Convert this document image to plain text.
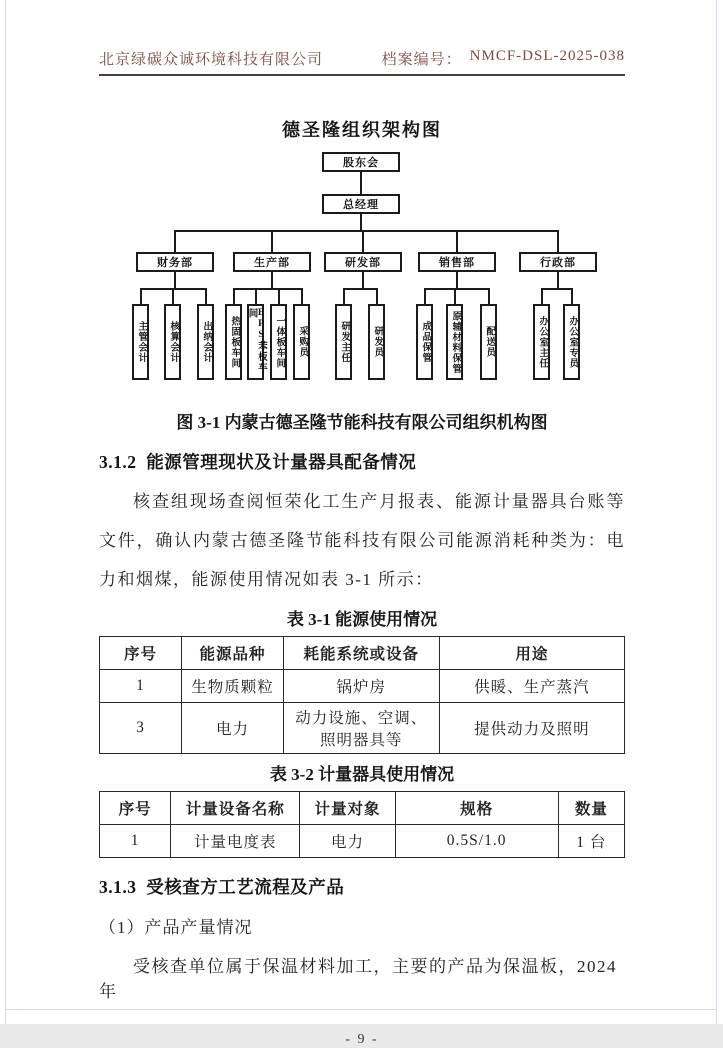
北京绿碳众诚环境科技有限公司	档案编号： NMCF-DSL-2025-038
德圣隆组织架构图
股东会
总经理
财务部
主管会计	核算会计	出纳会计
生产部
热固板车间	EPS苯板车间
一体板车间	采购员
研发部
研发主任	研发员
销售部
成品保管	原辅材料保管	配送员
行政部
办公室主任	办公室专员
图 3-1 内蒙古德圣隆节能科技有限公司组织机构图
3.1.2  能源管理现状及计量器具配备情况

核查组现场查阅恒荣化工生产月报表、能源计量器具台账等文件，确认内蒙古德圣隆节能科技有限公司能源消耗种类为：电力和烟煤，能源使用情况如表 3-1 所示：

表 3-1 能源使用情况
序号	能源品种	耗能系统或设备	用途
1	生物质颗粒	锅炉房	供暖、生产蒸汽
3	电力	动力设施、空调、照明器具等	提供动力及照明
表 3-2 计量器具使用情况
序号	计量设备名称	计量对象	规格	数量
1	计量电度表	电力	0.5S/1.0	1 台
3.1.3  受核查方工艺流程及产品

（1）产品产量情况

受核查单位属于保温材料加工，主要的产品为保温板，2024 年

- 9 -
